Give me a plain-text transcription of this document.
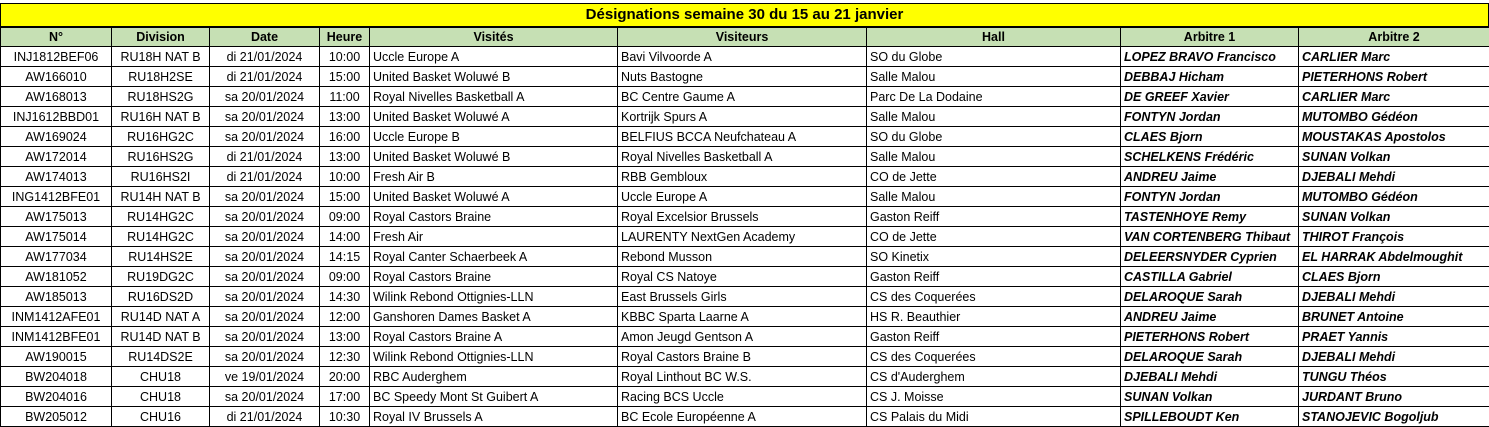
Désignations semaine 30 du 15 au 21 janvier
N°	Division	Date	Heure	Visités	Visiteurs	Hall	Arbitre 1	Arbitre 2
INJ1812BEF06	RU18H NAT B	di 21/01/2024	10:00	Uccle Europe A	Bavi Vilvoorde A	SO du Globe	LOPEZ BRAVO Francisco	CARLIER Marc
AW166010	RU18H2SE	di 21/01/2024	15:00	United Basket Woluwé B	Nuts Bastogne	Salle Malou	DEBBAJ Hicham	PIETERHONS Robert
AW168013	RU18HS2G	sa 20/01/2024	11:00	Royal Nivelles Basketball A	BC Centre Gaume A	Parc De La Dodaine	DE GREEF Xavier	CARLIER Marc
INJ1612BBD01	RU16H NAT B	sa 20/01/2024	13:00	United Basket Woluwé A	Kortrijk Spurs A	Salle Malou	FONTYN Jordan	MUTOMBO Gédéon
AW169024	RU16HG2C	sa 20/01/2024	16:00	Uccle Europe B	BELFIUS BCCA Neufchateau A	SO du Globe	CLAES Bjorn	MOUSTAKAS Apostolos
AW172014	RU16HS2G	di 21/01/2024	13:00	United Basket Woluwé B	Royal Nivelles Basketball A	Salle Malou	SCHELKENS Frédéric	SUNAN Volkan
AW174013	RU16HS2I	di 21/01/2024	10:00	Fresh Air B	RBB Gembloux	CO de Jette	ANDREU Jaime	DJEBALI Mehdi
ING1412BFE01	RU14H NAT B	sa 20/01/2024	15:00	United Basket Woluwé A	Uccle Europe A	Salle Malou	FONTYN Jordan	MUTOMBO Gédéon
AW175013	RU14HG2C	sa 20/01/2024	09:00	Royal Castors Braine	Royal Excelsior Brussels	Gaston Reiff	TASTENHOYE Remy	SUNAN Volkan
AW175014	RU14HG2C	sa 20/01/2024	14:00	Fresh Air	LAURENTY NextGen Academy	CO de Jette	VAN CORTENBERG Thibaut	THIROT François
AW177034	RU14HS2E	sa 20/01/2024	14:15	Royal Canter Schaerbeek A	Rebond Musson	SO Kinetix	DELEERSNYDER Cyprien	EL HARRAK Abdelmoughit
AW181052	RU19DG2C	sa 20/01/2024	09:00	Royal Castors Braine	Royal CS Natoye	Gaston Reiff	CASTILLA Gabriel	CLAES Bjorn
AW185013	RU16DS2D	sa 20/01/2024	14:30	Wilink Rebond Ottignies-LLN	East Brussels Girls	CS des Coquerées	DELAROQUE Sarah	DJEBALI Mehdi
INM1412AFE01	RU14D NAT A	sa 20/01/2024	12:00	Ganshoren Dames Basket A	KBBC Sparta Laarne A	HS R. Beauthier	ANDREU Jaime	BRUNET Antoine
INM1412BFE01	RU14D NAT B	sa 20/01/2024	13:00	Royal Castors Braine A	Amon Jeugd Gentson A	Gaston Reiff	PIETERHONS Robert	PRAET Yannis
AW190015	RU14DS2E	sa 20/01/2024	12:30	Wilink Rebond Ottignies-LLN	Royal Castors Braine B	CS des Coquerées	DELAROQUE Sarah	DJEBALI Mehdi
BW204018	CHU18	ve 19/01/2024	20:00	RBC Auderghem	Royal Linthout BC W.S.	CS d'Auderghem	DJEBALI Mehdi	TUNGU Théos
BW204016	CHU18	sa 20/01/2024	17:00	BC Speedy Mont St Guibert A	Racing BCS Uccle	CS J. Moisse	SUNAN Volkan	JURDANT Bruno
BW205012	CHU16	di 21/01/2024	10:30	Royal IV Brussels A	BC Ecole Européenne A	CS Palais du Midi	SPILLEBOUDT Ken	STANOJEVIC Bogoljub
